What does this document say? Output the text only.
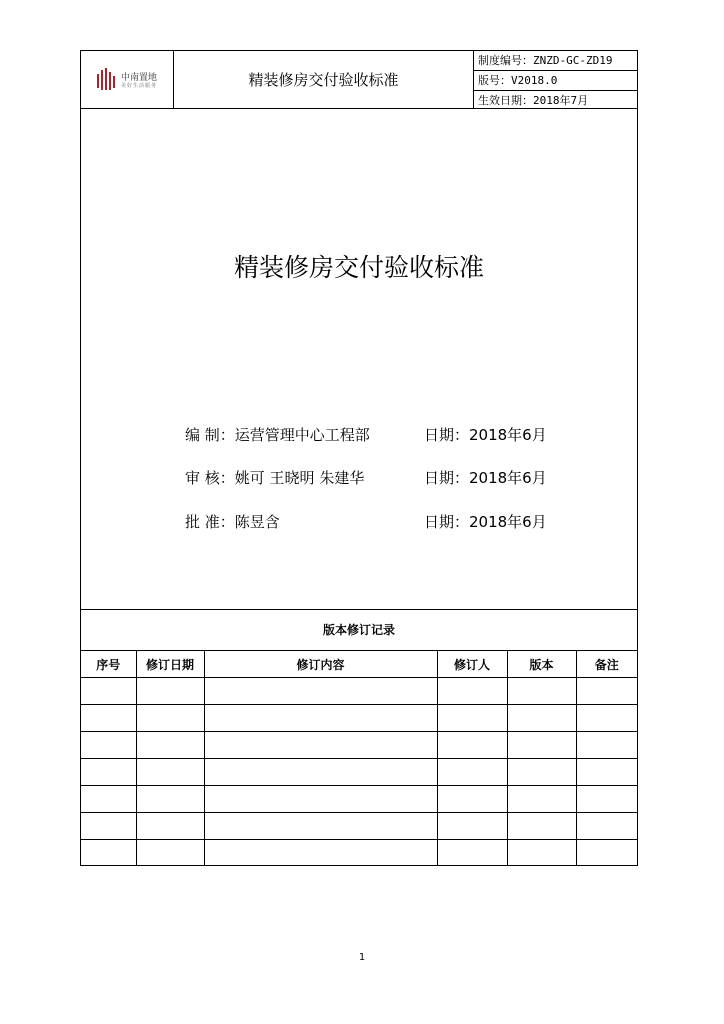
中南置地
美好生活服务	精装修房交付验收标准
制度编号：ZNZD-GC-ZD19
版号：V2018.0
生效日期：2018年7月
精装修房交付验收标准
编 制：运营管理中心工程部	日期：2018年6月
审 核：姚可 王晓明 朱建华	日期：2018年6月
批 准：陈昱含	日期：2018年6月
版本修订记录
序号	修订日期	修订内容	修订人	版本	备注

1
